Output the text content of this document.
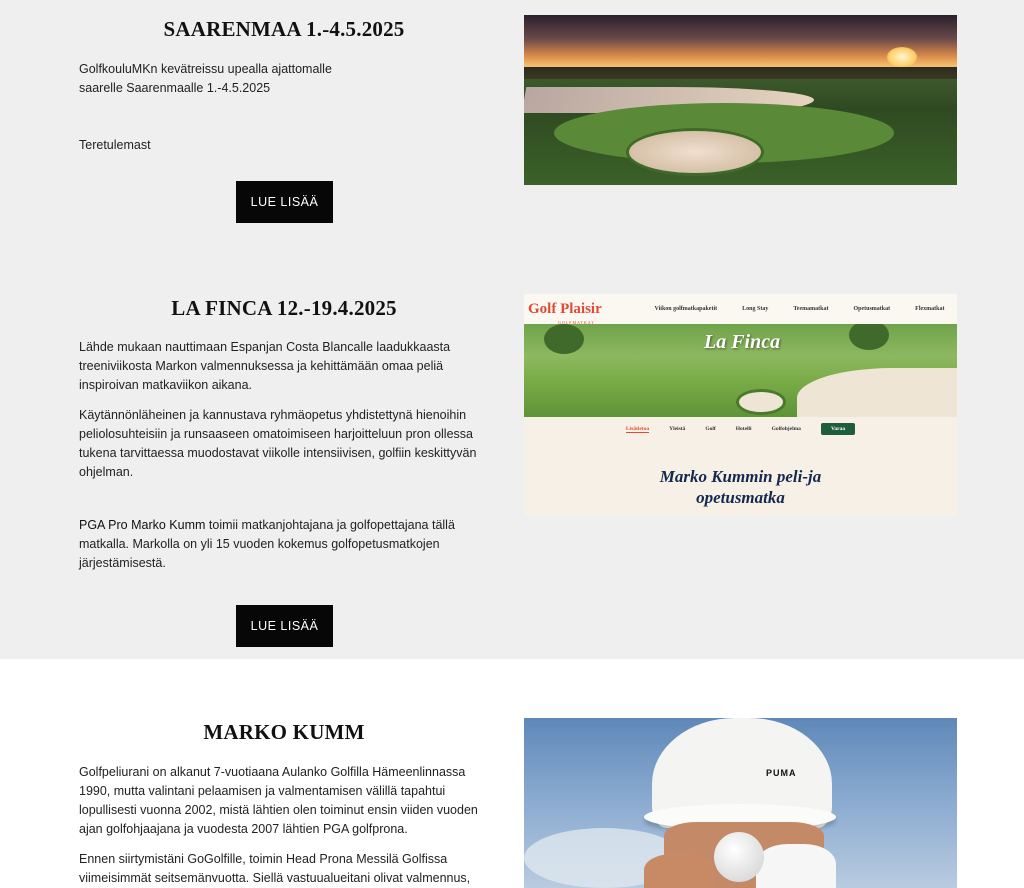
SAARENMAA 1.-4.5.2025
GolfkouluMKn kevätreissu upealla ajattomalle
saarelle Saarenmaalle 1.-4.5.2025
Teretulemast
LUE LISÄÄ
LA FINCA 12.-19.4.2025

Lähde mukaan nauttimaan Espanjan Costa Blancalle laadukkaasta treeniviikosta Markon valmennuksessa ja kehittämään omaa peliä inspiroivan matkaviikon aikana.

Käytännönläheinen ja kannustava ryhmäopetus yhdistettynä hienoihin peliolosuhteisiin ja runsaaseen omatoimiseen harjoitteluun pron ollessa tukena tarvittaessa muodostavat viikolle intensiivisen, golfiin keskittyvän ohjelman.

PGA Pro Marko Kumm toimii matkanjohtajana ja golfopettajana tällä matkalla. Markolla on yli 15 vuoden kokemus golfopetusmatkojen järjestämisestä.

LUE LISÄÄ
Golf Plaisir
GOLFMATKAT
Viikon golfmatkapaketit	Long Stay	Teemamatkat	Opetusmatkat	Flexmatkat
La Finca
Lisätietoa	Yleistä	Golf	Hotelli	Golfohjelma	Varaa
Marko Kummin peli-ja
opetusmatka
MARKO KUMM

Golfpeliurani on alkanut 7-vuotiaana Aulanko Golfilla Hämeenlinnassa 1990, mutta valintani pelaamisen ja valmentamisen välillä tapahtui lopullisesti vuonna 2002, mistä lähtien olen toiminut ensin viiden vuoden ajan golfohjaajana ja vuodesta 2007 lähtien PGA golfprona.

Ennen siirtymistäni GoGolfille, toimin Head Prona Messilä Golfissa viimeisimmät seitsemänvuotta. Siellä vastuualueitani olivat valmennus,

PUMA
